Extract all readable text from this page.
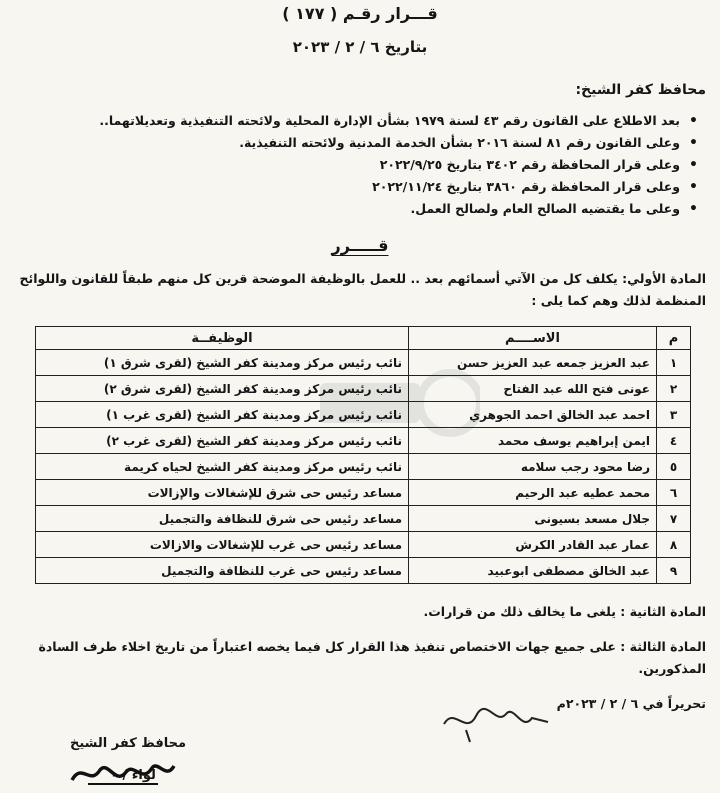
قـــرار رقـم ( ١٧٧ )
بتاريخ ٦ / ٢ / ٢٠٢٣
محافظ كفر الشيخ:
• بعد الاطلاع على القانون رقم ٤٣ لسنة ١٩٧٩ بشأن الإدارة المحلية ولائحته التنفيذية وتعديلاتهما..
• وعلى القانون رقم ٨١ لسنة ٢٠١٦ بشأن الخدمة المدنية ولائحته التنفيذية.
• وعلى قرار المحافظة رقم ٣٤٠٢ بتاريخ ٢٠٢٢/٩/٢٥
• وعلى قرار المحافظة رقم ٣٨٦٠ بتاريخ ٢٠٢٢/١١/٢٤
• وعلى ما يقتضيه الصالح العام ولصالح العمل.
قـــــرر
المادة الأولي: يكلف كل من الآتي أسمائهم بعد .. للعمل بالوظيفة الموضحة قرين كل منهم طبقاً للقانون واللوائح المنظمة لذلك وهم كما يلى :
م	الاســــم	الوظيفــة
١	عبد العزيز جمعه عبد العزيز حسن	نائب رئيس مركز ومدينة كفر الشيخ (لقرى شرق ١)
٢	عونى فتح الله عبد الفتاح	نائب رئيس مركز ومدينة كفر الشيخ (لقرى شرق ٢)
٣	احمد عبد الخالق احمد الجوهري	نائب رئيس مركز ومدينة كفر الشيخ (لقرى غرب ١)
٤	ايمن إبراهيم يوسف محمد	نائب رئيس مركز ومدينة كفر الشيخ (لقرى غرب ٢)
٥	رضا محود رجب سلامه	نائب رئيس مركز ومدينة كفر الشيخ لحياه كريمة
٦	محمد عطيه عبد الرحيم	مساعد رئيس حى شرق للإشغالات والإزالات
٧	جلال مسعد بسيونى	مساعد رئيس حى شرق للنظافة والتجميل
٨	عمار عبد القادر الكرش	مساعد رئيس حى غرب للإشغالات والازالات
٩	عبد الخالق مصطفى ابوعبيد	مساعد رئيس حى غرب للنظافة والتجميل
المادة الثانية : يلغى ما يخالف ذلك من قرارات.
المادة الثالثة : على جميع جهات الاختصاص تنفيذ هذا القرار كل فيما يخصه اعتباراً من تاريخ اخلاء طرف السادة المذكورين.
تحريراً في ٦ / ٢ / ٢٠٢٣م
محافظ كفر الشيخ
لواء / ٠
